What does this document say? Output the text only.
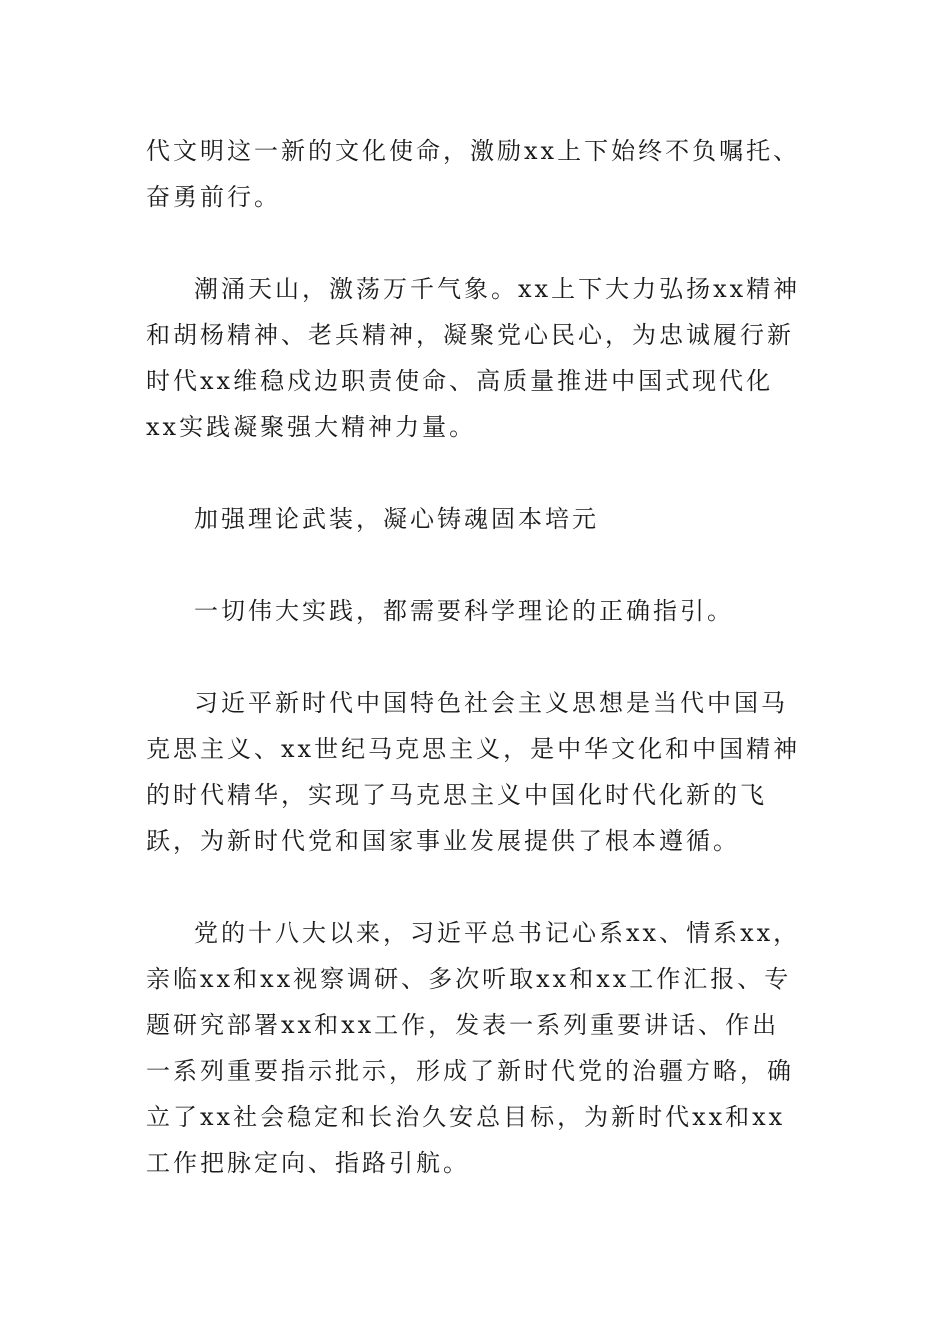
代文明这一新的文化使命，激励xx上下始终不负嘱托、奋勇前行。

潮涌天山，激荡万千气象。xx上下大力弘扬xx精神和胡杨精神、老兵精神，凝聚党心民心，为忠诚履行新时代xx维稳戍边职责使命、高质量推进中国式现代化xx实践凝聚强大精神力量。

加强理论武装，凝心铸魂固本培元

一切伟大实践，都需要科学理论的正确指引。

习近平新时代中国特色社会主义思想是当代中国马克思主义、xx世纪马克思主义，是中华文化和中国精神的时代精华，实现了马克思主义中国化时代化新的飞跃，为新时代党和国家事业发展提供了根本遵循。

党的十八大以来，习近平总书记心系xx、情系xx，亲临xx和xx视察调研、多次听取xx和xx工作汇报、专题研究部署xx和xx工作，发表一系列重要讲话、作出一系列重要指示批示，形成了新时代党的治疆方略，确立了xx社会稳定和长治久安总目标，为新时代xx和xx工作把脉定向、指路引航。
